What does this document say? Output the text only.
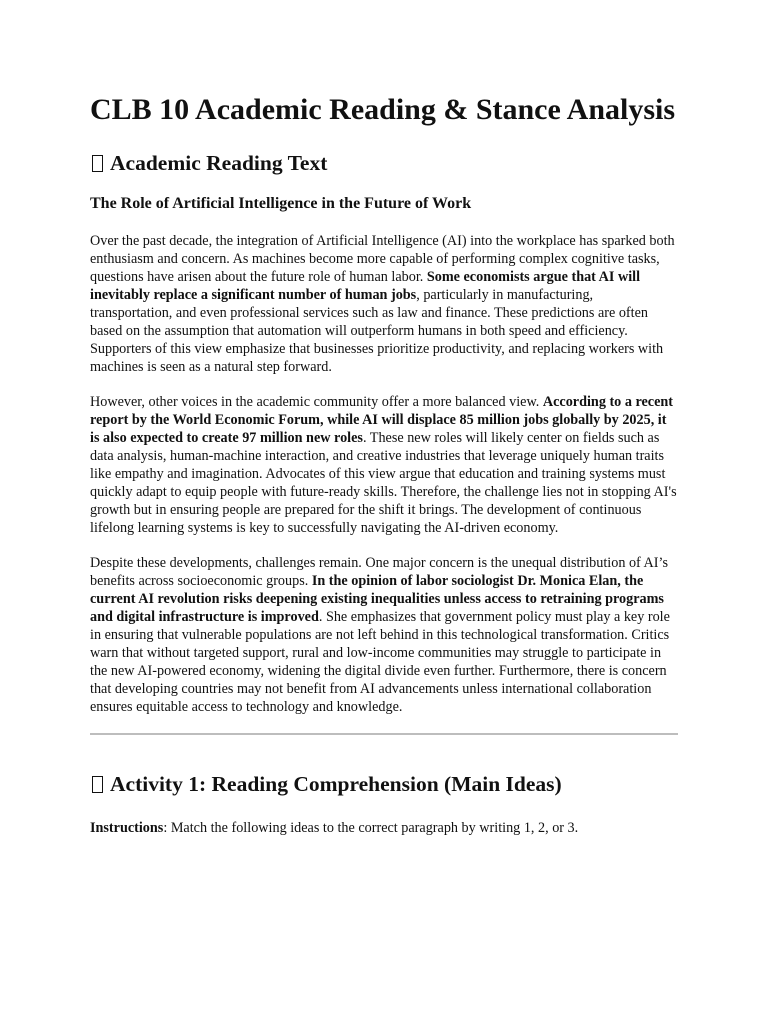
CLB 10 Academic Reading & Stance Analysis
Academic Reading Text
The Role of Artificial Intelligence in the Future of Work

Over the past decade, the integration of Artificial Intelligence (AI) into the workplace has sparked both enthusiasm and concern. As machines become more capable of performing complex cognitive tasks, questions have arisen about the future role of human labor. Some economists argue that AI will inevitably replace a significant number of human jobs, particularly in manufacturing, transportation, and even professional services such as law and finance. These predictions are often based on the assumption that automation will outperform humans in both speed and efficiency. Supporters of this view emphasize that businesses prioritize productivity, and replacing workers with machines is seen as a natural step forward.

However, other voices in the academic community offer a more balanced view. According to a recent report by the World Economic Forum, while AI will displace 85 million jobs globally by 2025, it is also expected to create 97 million new roles. These new roles will likely center on fields such as data analysis, human-machine interaction, and creative industries that leverage uniquely human traits like empathy and imagination. Advocates of this view argue that education and training systems must quickly adapt to equip people with future-ready skills. Therefore, the challenge lies not in stopping AI's growth but in ensuring people are prepared for the shift it brings. The development of continuous lifelong learning systems is key to successfully navigating the AI-driven economy.

Despite these developments, challenges remain. One major concern is the unequal distribution of AI’s benefits across socioeconomic groups. In the opinion of labor sociologist Dr. Monica Elan, the current AI revolution risks deepening existing inequalities unless access to retraining programs and digital infrastructure is improved. She emphasizes that government policy must play a key role in ensuring that vulnerable populations are not left behind in this technological transformation. Critics warn that without targeted support, rural and low-income communities may struggle to participate in the new AI-powered economy, widening the digital divide even further. Furthermore, there is concern that developing countries may not benefit from AI advancements unless international collaboration ensures equitable access to technology and knowledge.

Activity 1: Reading Comprehension (Main Ideas)

Instructions: Match the following ideas to the correct paragraph by writing 1, 2, or 3.
